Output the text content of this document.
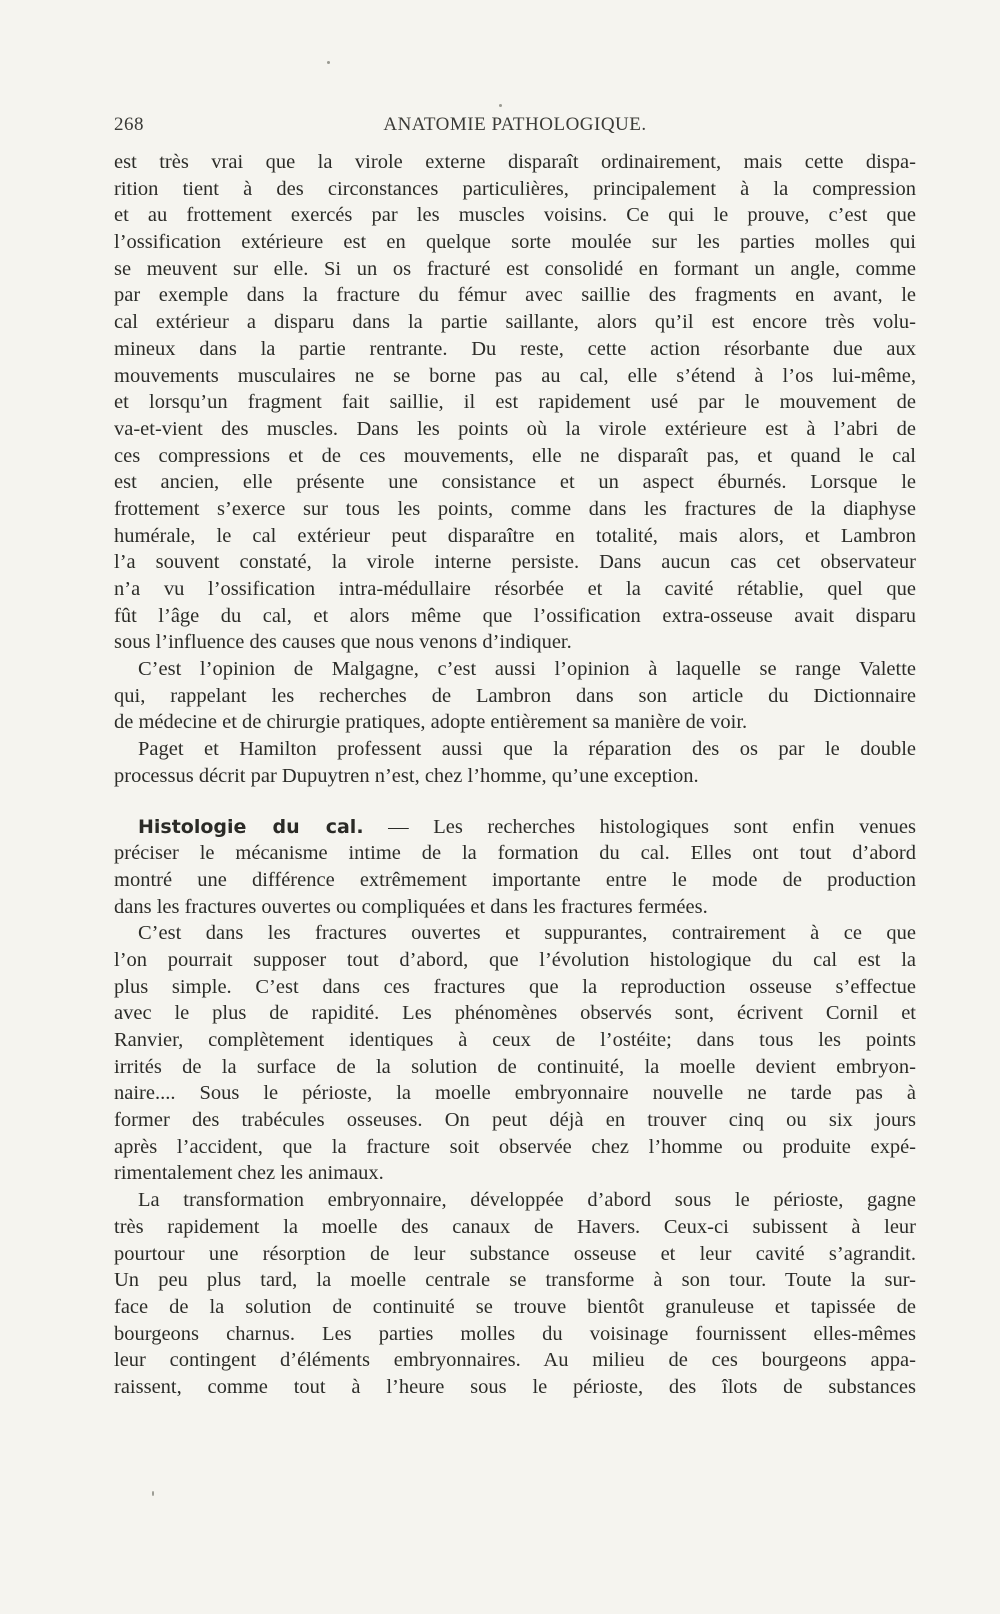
268	ANATOMIE PATHOLOGIQUE.
est très vrai que la virole externe disparaît ordinairement, mais cette dispa-
rition tient à des circonstances particulières, principalement à la compression
et au frottement exercés par les muscles voisins. Ce qui le prouve, c’est que
l’ossification extérieure est en quelque sorte moulée sur les parties molles qui
se meuvent sur elle. Si un os fracturé est consolidé en formant un angle, comme
par exemple dans la fracture du fémur avec saillie des fragments en avant, le
cal extérieur a disparu dans la partie saillante, alors qu’il est encore très volu-
mineux dans la partie rentrante. Du reste, cette action résorbante due aux
mouvements musculaires ne se borne pas au cal, elle s’étend à l’os lui-même,
et lorsqu’un fragment fait saillie, il est rapidement usé par le mouvement de
va-et-vient des muscles. Dans les points où la virole extérieure est à l’abri de
ces compressions et de ces mouvements, elle ne disparaît pas, et quand le cal
est ancien, elle présente une consistance et un aspect éburnés. Lorsque le
frottement s’exerce sur tous les points, comme dans les fractures de la diaphyse
humérale, le cal extérieur peut disparaître en totalité, mais alors, et Lambron
l’a souvent constaté, la virole interne persiste. Dans aucun cas cet observateur
n’a vu l’ossification intra-médullaire résorbée et la cavité rétablie, quel que
fût l’âge du cal, et alors même que l’ossification extra-osseuse avait disparu
sous l’influence des causes que nous venons d’indiquer.
C’est l’opinion de Malgagne, c’est aussi l’opinion à laquelle se range Valette
qui, rappelant les recherches de Lambron dans son article du Dictionnaire
de médecine et de chirurgie pratiques, adopte entièrement sa manière de voir.
Paget et Hamilton professent aussi que la réparation des os par le double
processus décrit par Dupuytren n’est, chez l’homme, qu’une exception.
Histologie du cal. — Les recherches histologiques sont enfin venues
préciser le mécanisme intime de la formation du cal. Elles ont tout d’abord
montré une différence extrêmement importante entre le mode de production
dans les fractures ouvertes ou compliquées et dans les fractures fermées.
C’est dans les fractures ouvertes et suppurantes, contrairement à ce que
l’on pourrait supposer tout d’abord, que l’évolution histologique du cal est la
plus simple. C’est dans ces fractures que la reproduction osseuse s’effectue
avec le plus de rapidité. Les phénomènes observés sont, écrivent Cornil et
Ranvier, complètement identiques à ceux de l’ostéite; dans tous les points
irrités de la surface de la solution de continuité, la moelle devient embryon-
naire.... Sous le périoste, la moelle embryonnaire nouvelle ne tarde pas à
former des trabécules osseuses. On peut déjà en trouver cinq ou six jours
après l’accident, que la fracture soit observée chez l’homme ou produite expé-
rimentalement chez les animaux.
La transformation embryonnaire, développée d’abord sous le périoste, gagne
très rapidement la moelle des canaux de Havers. Ceux-ci subissent à leur
pourtour une résorption de leur substance osseuse et leur cavité s’agrandit.
Un peu plus tard, la moelle centrale se transforme à son tour. Toute la sur-
face de la solution de continuité se trouve bientôt granuleuse et tapissée de
bourgeons charnus. Les parties molles du voisinage fournissent elles-mêmes
leur contingent d’éléments embryonnaires. Au milieu de ces bourgeons appa-
raissent, comme tout à l’heure sous le périoste, des îlots de substances
